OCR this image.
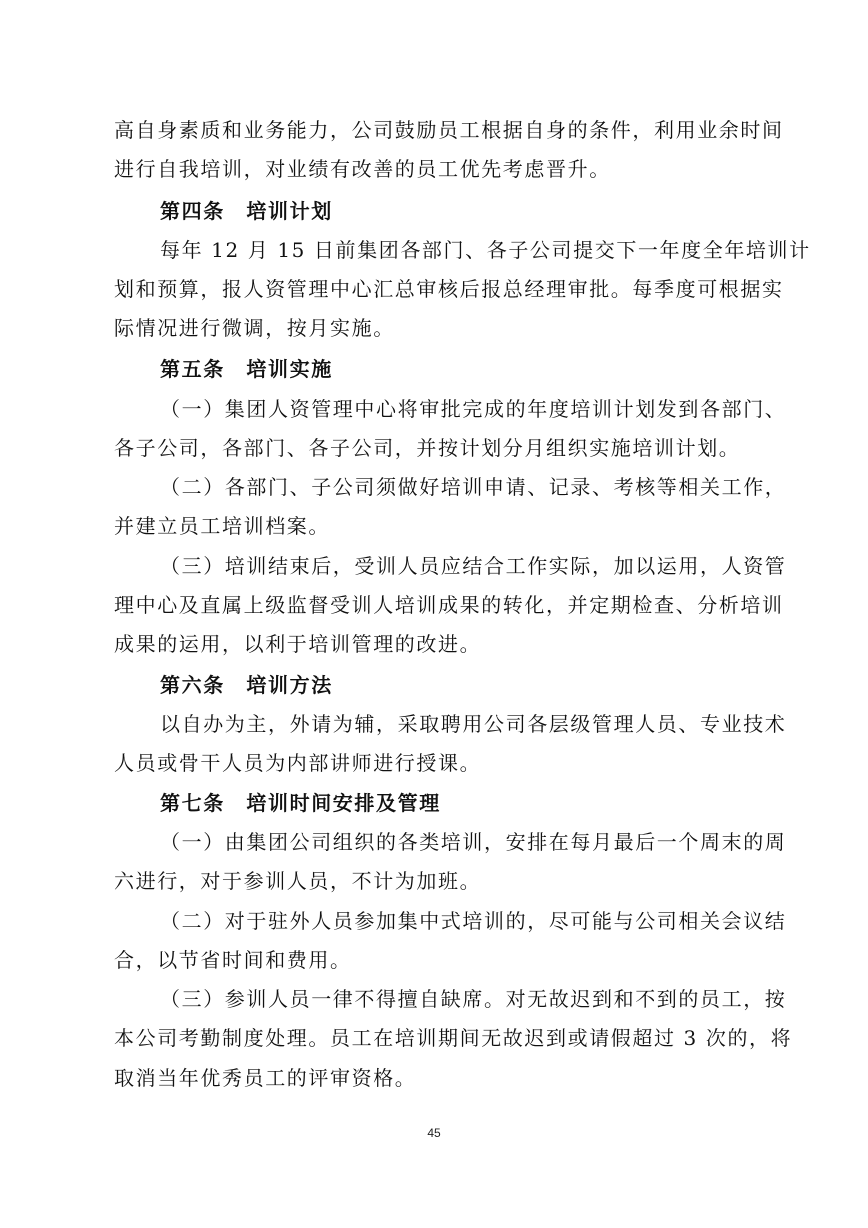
高自身素质和业务能力，公司鼓励员工根据自身的条件，利用业余时间
进行自我培训，对业绩有改善的员工优先考虑晋升。
第四条　培训计划
每年 12 月 15 日前集团各部门、各子公司提交下一年度全年培训计
划和预算，报人资管理中心汇总审核后报总经理审批。每季度可根据实
际情况进行微调，按月实施。
第五条　培训实施
（一）集团人资管理中心将审批完成的年度培训计划发到各部门、
各子公司，各部门、各子公司，并按计划分月组织实施培训计划。
（二）各部门、子公司须做好培训申请、记录、考核等相关工作，
并建立员工培训档案。
（三）培训结束后，受训人员应结合工作实际，加以运用，人资管
理中心及直属上级监督受训人培训成果的转化，并定期检查、分析培训
成果的运用，以利于培训管理的改进。
第六条　培训方法
以自办为主，外请为辅，采取聘用公司各层级管理人员、专业技术
人员或骨干人员为内部讲师进行授课。
第七条　培训时间安排及管理
（一）由集团公司组织的各类培训，安排在每月最后一个周末的周
六进行，对于参训人员，不计为加班。
（二）对于驻外人员参加集中式培训的，尽可能与公司相关会议结
合，以节省时间和费用。
（三）参训人员一律不得擅自缺席。对无故迟到和不到的员工，按
本公司考勤制度处理。员工在培训期间无故迟到或请假超过 3 次的，将
取消当年优秀员工的评审资格。
45
